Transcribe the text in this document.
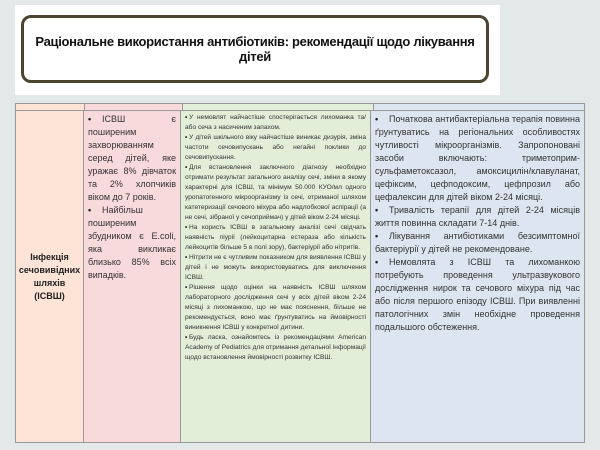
Раціональне використання антибіотиків: рекомендації щодо лікування дітей
Інфекція сечовивідних шляхів (ІСВШ)

• ІСВШ є поширеним захворюванням серед дітей, яке уражає 8% дівчаток та 2% хлопчиків віком до 7 років.

• Найбільш поширеним збудником є E.coli, яка викликає близько 85% всіх випадків.

• У немовлят найчастіше спостерігається лихоманка та/або сеча з насиченим запахом.

• У дітей шкільного віку найчастіше виникає дизурія, зміна частоти сечовипускань або негайні поклики до сечовипускання.

• Для встановлення заключного діагнозу необхідно отримати результат загального аналізу сечі, зміни в якому характерні для ІСВШ, та мінімум 50.000 КУО/мл одного уропатогенного мікроорганізму із сечі, отриманої шляхом катетеризації сечового міхура або надлобкової аспірації (а не сечі, зібраної у сечоприймач) у дітей віком 2-24 місяці.

• На користь ІСВШ в загальному аналізі сечі свідчать наявність піурії (лейкоцитарна естераза або кількість лейкоцитів більше 5 в полі зору), бактеріурії або нітритів.

• Нітрити не є чутливим показником для виявлення ІСВШ у дітей і не можуть використовуватись для виключення ІСВШ.

• Рішення щодо оцінки на наявність ІСВШ шляхом лабораторного дослідження сечі у всіх дітей віком 2-24 місяці з лихоманкою, що не має пояснення, більше не рекомендується, воно має ґрунтуватись на ймовірності виникнення ІСВШ у конкретної дитини.

• Будь ласка, ознайомтесь із рекомендаціями American Academy of Pediatrics для отримання детальної інформації щодо встановлення ймовірності розвитку ІСВШ.

• Початкова антибактеріальна терапія повинна ґрунтуватись на регіональних особливостях чутливості мікроорганізмів. Запропоновані засоби включають: триметоприм-сульфаметоксазол, амоксицилін/клавуланат, цефіксим, цефподоксим, цефпрозил або цефалексин для дітей віком 2-24 місяці.

• Тривалість терапії для дітей 2-24 місяців життя повинна складати 7-14 днів.

• Лікування антибіотиками безсимптомної бактеріурії у дітей не рекомендоване.

• Немовлята з ІСВШ та лихоманкою потребують проведення ультразвукового дослідження нирок та сечового міхура під час або після першого епізоду ІСВШ. При виявленні патологічних змін необхідне проведення подальшого обстеження.
